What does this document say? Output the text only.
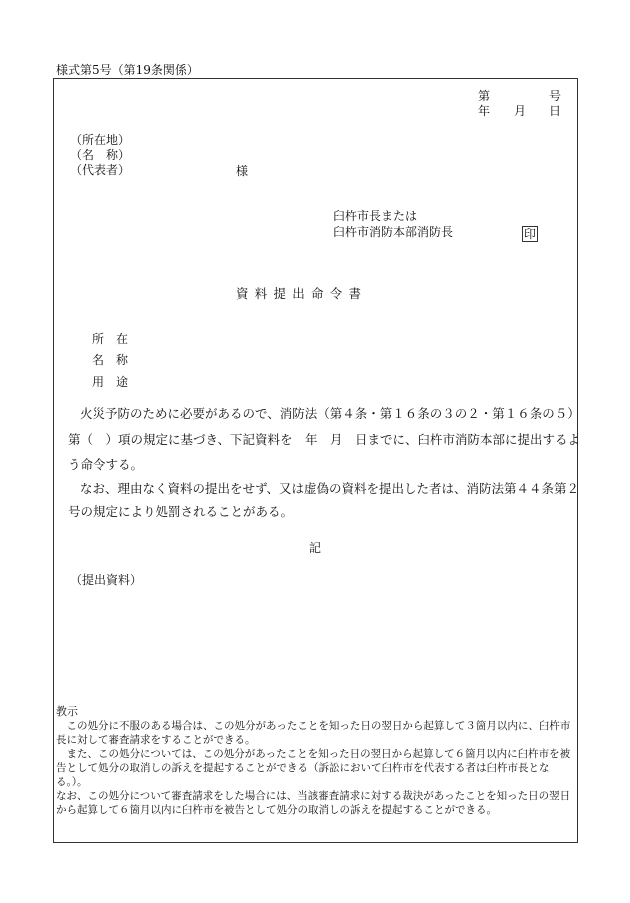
様式第5号（第19条関係）
第	号
年 月 日
（所在地）
（名　称）
（代表者）	様
臼杵市長または
臼杵市消防本部消防長	印
資料提出命令書
所　在
名　称
用　途
火災予防のために必要があるので、消防法（第４条・第１６条の３の２・第１６条の５）
第（　）項の規定に基づき、下記資料を　年　月　日までに、臼杵市消防本部に提出するよ
う命令する。
なお、理由なく資料の提出をせず、又は虚偽の資料を提出した者は、消防法第４４条第２
号の規定により処罰されることがある。
記
（提出資料）
教示
この処分に不服のある場合は、この処分があったことを知った日の翌日から起算して３箇月以内に、臼杵市長に対して審査請求をすることができる。
また、この処分については、この処分があったことを知った日の翌日から起算して６箇月以内に臼杵市を被告として処分の取消しの訴えを提起することができる（訴訟において臼杵市を代表する者は臼杵市長となる。）。
なお、この処分について審査請求をした場合には、当該審査請求に対する裁決があったことを知った日の翌日から起算して６箇月以内に臼杵市を被告として処分の取消しの訴えを提起することができる。
